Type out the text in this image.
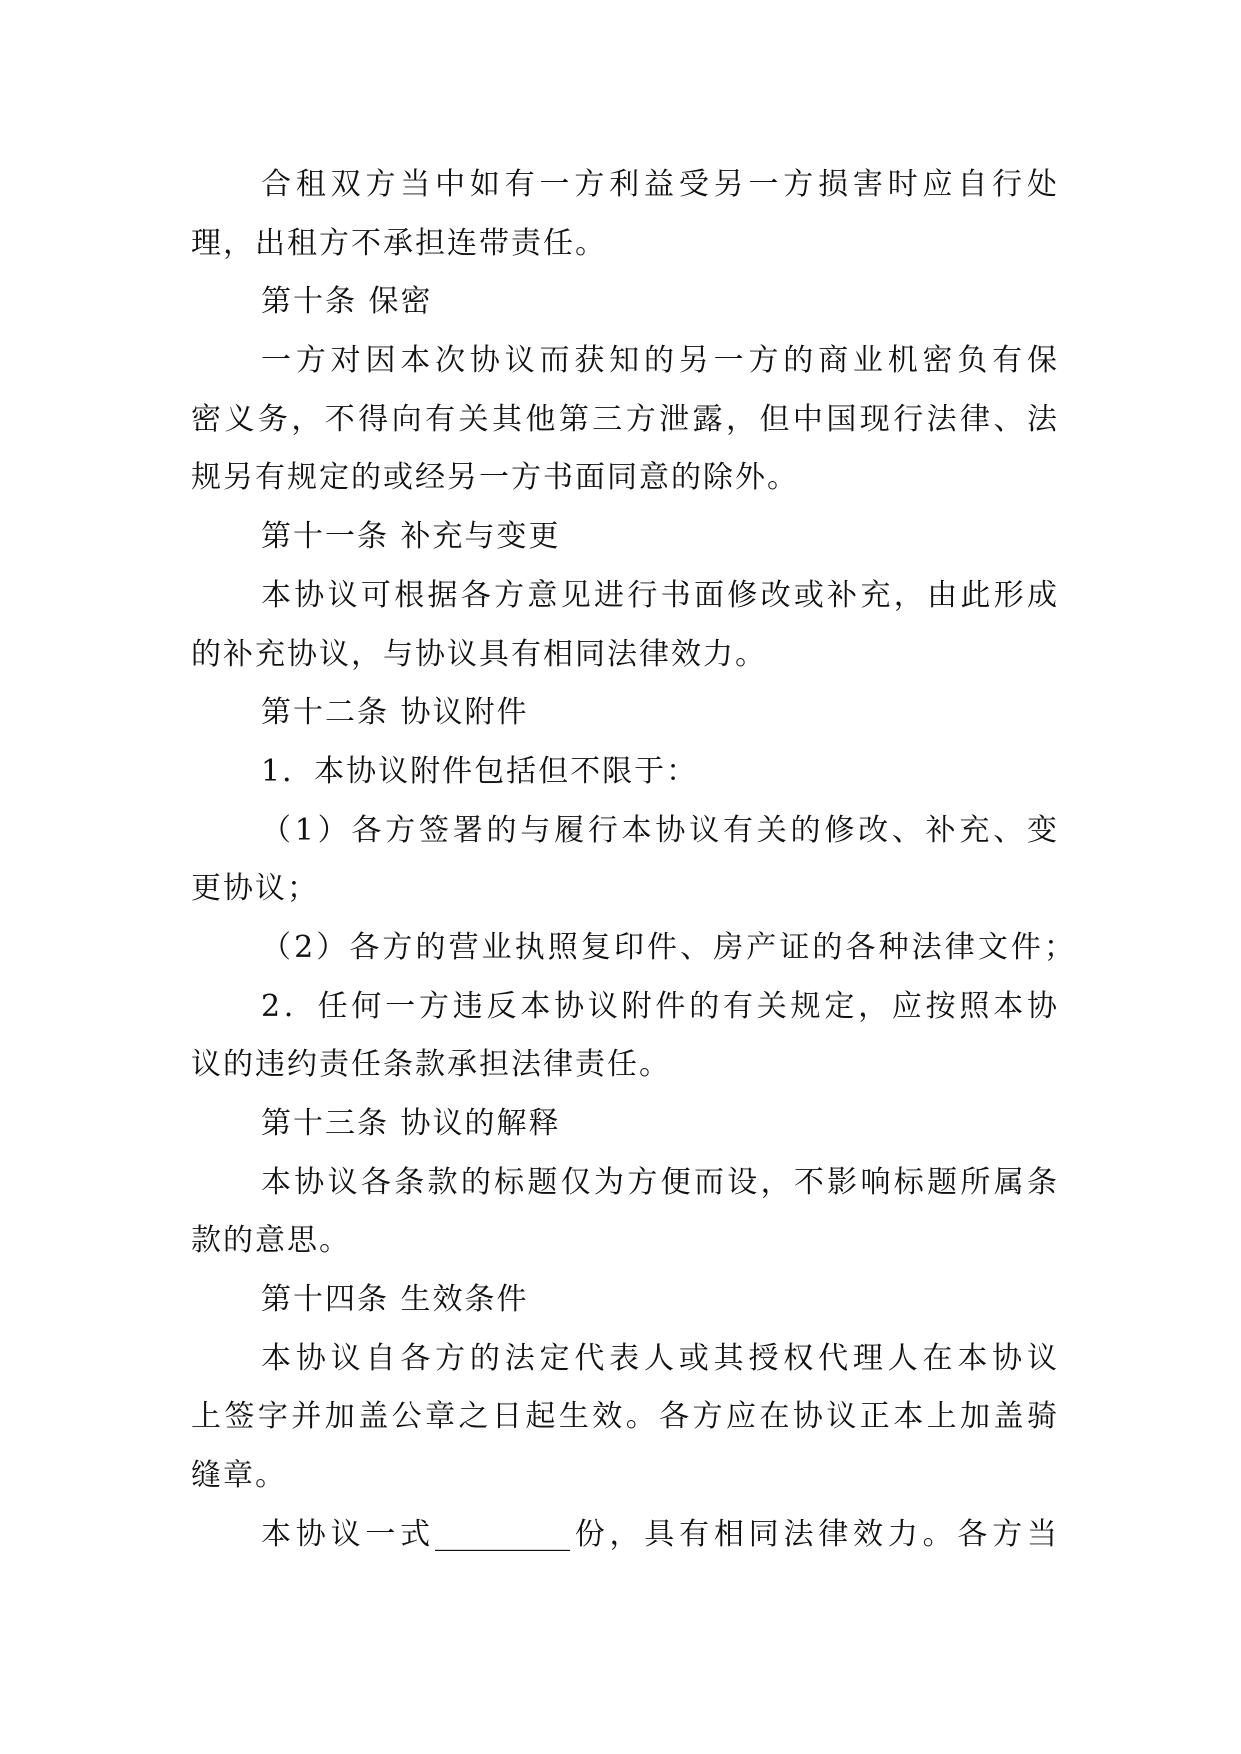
合租双方当中如有一方利益受另一方损害时应自行处
理，出租方不承担连带责任。
第十条 保密
一方对因本次协议而获知的另一方的商业机密负有保
密义务，不得向有关其他第三方泄露，但中国现行法律、法
规另有规定的或经另一方书面同意的除外。
第十一条 补充与变更
本协议可根据各方意见进行书面修改或补充，由此形成
的补充协议，与协议具有相同法律效力。
第十二条 协议附件
1．本协议附件包括但不限于：
（1）各方签署的与履行本协议有关的修改、补充、变
更协议；
（2）各方的营业执照复印件、房产证的各种法律文件；
2．任何一方违反本协议附件的有关规定，应按照本协
议的违约责任条款承担法律责任。
第十三条 协议的解释
本协议各条款的标题仅为方便而设，不影响标题所属条
款的意思。
第十四条 生效条件
本协议自各方的法定代表人或其授权代理人在本协议
上签字并加盖公章之日起生效。各方应在协议正本上加盖骑
缝章。
本协议一式_________份，具有相同法律效力。各方当
